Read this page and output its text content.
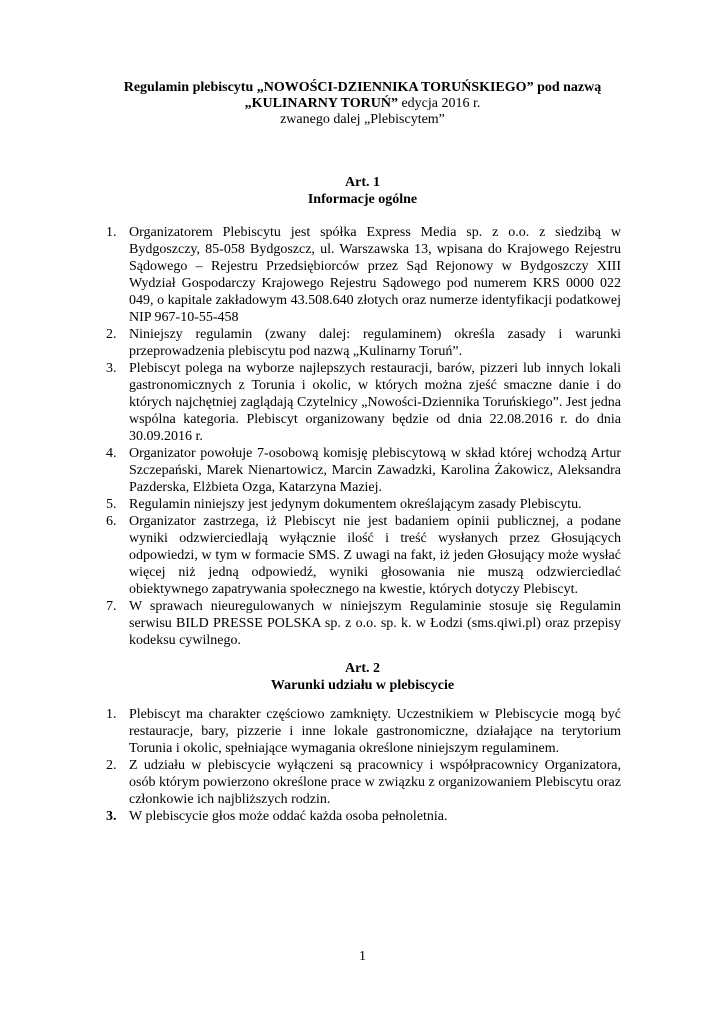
Regulamin plebiscytu „NOWOŚCI-DZIENNIKA TORUŃSKIEGO” pod nazwą
„KULINARNY TORUŃ” edycja 2016 r.
zwanego dalej „Plebiscytem”
Art. 1
Informacje ogólne
1. Organizatorem Plebiscytu jest spółka Express Media sp. z o.o. z siedzibą w Bydgoszczy, 85-058 Bydgoszcz, ul. Warszawska 13, wpisana do Krajowego Rejestru Sądowego – Rejestru Przedsiębiorców przez Sąd Rejonowy w Bydgoszczy XIII Wydział Gospodarczy Krajowego Rejestru Sądowego pod numerem KRS 0000 022 049, o kapitale zakładowym 43.508.640 złotych oraz numerze identyfikacji podatkowej NIP 967-10-55-458
2. Niniejszy regulamin (zwany dalej: regulaminem) określa zasady i warunki przeprowadzenia plebiscytu pod nazwą „Kulinarny Toruń”.
3. Plebiscyt polega na wyborze najlepszych restauracji, barów, pizzeri lub innych lokali gastronomicznych z Torunia i okolic, w których można zjeść smaczne danie i do których najchętniej zaglądają Czytelnicy „Nowości-Dziennika Toruńskiego”. Jest jedna wspólna kategoria. Plebiscyt organizowany będzie od dnia 22.08.2016 r. do dnia 30.09.2016 r.
4. Organizator powołuje 7-osobową komisję plebiscytową w skład której wchodzą Artur Szczepański, Marek Nienartowicz, Marcin Zawadzki, Karolina Żakowicz, Aleksandra Pazderska, Elżbieta Ozga, Katarzyna Maziej.
5. Regulamin niniejszy jest jedynym dokumentem określającym zasady Plebiscytu.
6. Organizator zastrzega, iż Plebiscyt nie jest badaniem opinii publicznej, a podane wyniki odzwierciedlają wyłącznie ilość i treść wysłanych przez Głosujących odpowiedzi, w tym w formacie SMS. Z uwagi na fakt, iż jeden Głosujący może wysłać więcej niż jedną odpowiedź, wyniki głosowania nie muszą odzwierciedlać obiektywnego zapatrywania społecznego na kwestie, których dotyczy Plebiscyt.
7. W sprawach nieuregulowanych w niniejszym Regulaminie stosuje się Regulamin serwisu BILD PRESSE POLSKA sp. z o.o. sp. k. w Łodzi (sms.qiwi.pl) oraz przepisy kodeksu cywilnego.
Art. 2
Warunki udziału w plebiscycie
1. Plebiscyt ma charakter częściowo zamknięty. Uczestnikiem w Plebiscycie mogą być restauracje, bary, pizzerie i inne lokale gastronomiczne, działające na terytorium Torunia i okolic, spełniające wymagania określone niniejszym regulaminem.
2. Z udziału w plebiscycie wyłączeni są pracownicy i współpracownicy Organizatora, osób którym powierzono określone prace w związku z organizowaniem Plebiscytu oraz członkowie ich najbliższych rodzin.
3. W plebiscycie głos może oddać każda osoba pełnoletnia.
1
